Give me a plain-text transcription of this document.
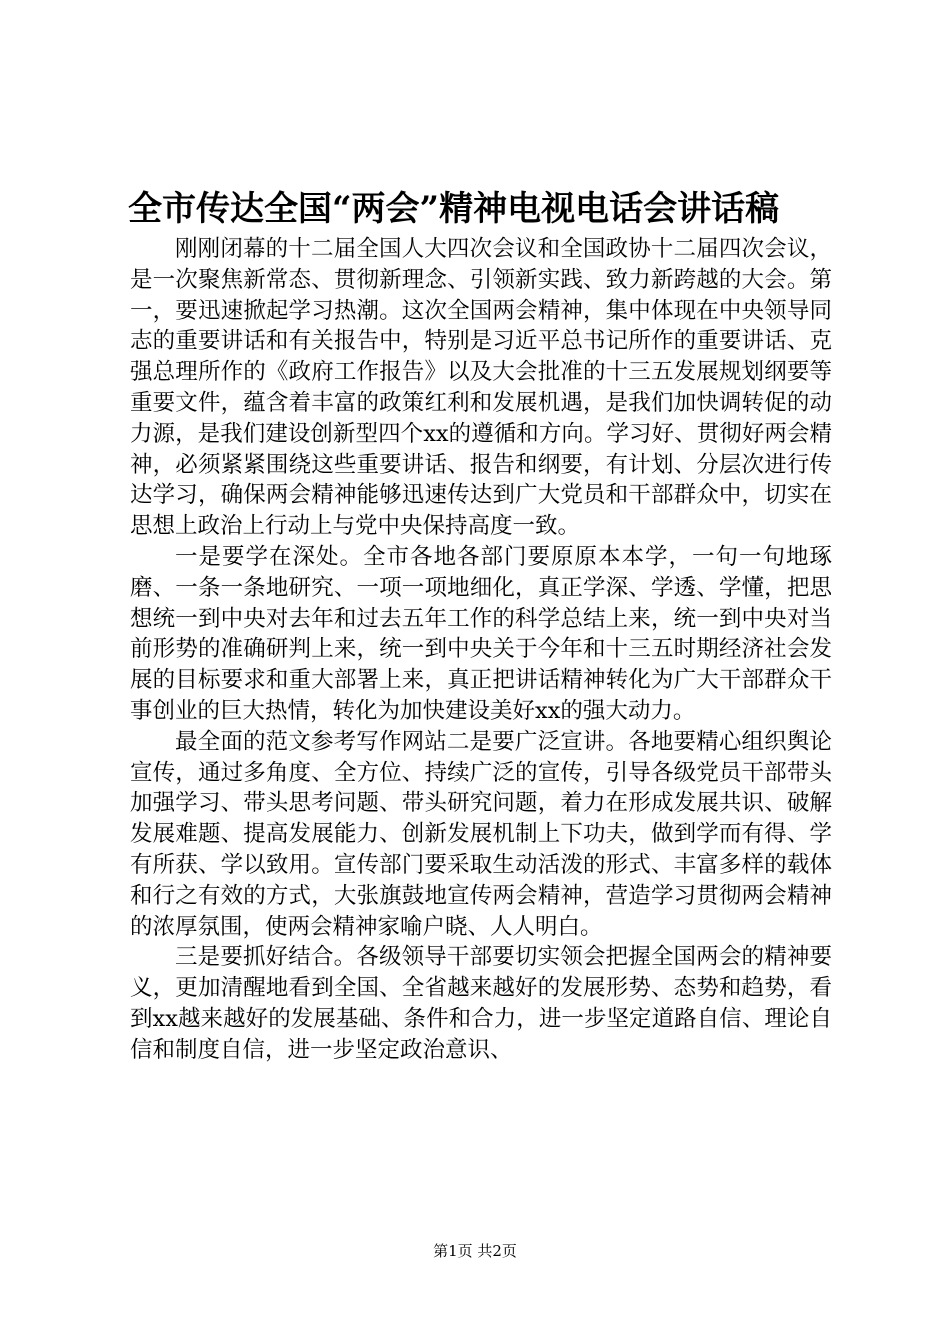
全市传达全国“两会”精神电视电话会讲话稿

刚刚闭幕的十二届全国人大四次会议和全国政协十二届四次会议，是一次聚焦新常态、贯彻新理念、引领新实践、致力新跨越的大会。第一，要迅速掀起学习热潮。这次全国两会精神，集中体现在中央领导同志的重要讲话和有关报告中，特别是习近平总书记所作的重要讲话、克强总理所作的《政府工作报告》以及大会批准的十三五发展规划纲要等重要文件，蕴含着丰富的政策红利和发展机遇，是我们加快调转促的动力源，是我们建设创新型四个xx的遵循和方向。学习好、贯彻好两会精神，必须紧紧围绕这些重要讲话、报告和纲要，有计划、分层次进行传达学习，确保两会精神能够迅速传达到广大党员和干部群众中，切实在思想上政治上行动上与党中央保持高度一致。

一是要学在深处。全市各地各部门要原原本本学，一句一句地琢磨、一条一条地研究、一项一项地细化，真正学深、学透、学懂，把思想统一到中央对去年和过去五年工作的科学总结上来，统一到中央对当前形势的准确研判上来，统一到中央关于今年和十三五时期经济社会发展的目标要求和重大部署上来，真正把讲话精神转化为广大干部群众干事创业的巨大热情，转化为加快建设美好xx的强大动力。

最全面的范文参考写作网站二是要广泛宣讲。各地要精心组织舆论宣传，通过多角度、全方位、持续广泛的宣传，引导各级党员干部带头加强学习、带头思考问题、带头研究问题，着力在形成发展共识、破解发展难题、提高发展能力、创新发展机制上下功夫，做到学而有得、学有所获、学以致用。宣传部门要采取生动活泼的形式、丰富多样的载体和行之有效的方式，大张旗鼓地宣传两会精神，营造学习贯彻两会精神的浓厚氛围，使两会精神家喻户晓、人人明白。

三是要抓好结合。各级领导干部要切实领会把握全国两会的精神要义，更加清醒地看到全国、全省越来越好的发展形势、态势和趋势，看到xx越来越好的发展基础、条件和合力，进一步坚定道路自信、理论自信和制度自信，进一步坚定政治意识、

第1页 共2页
